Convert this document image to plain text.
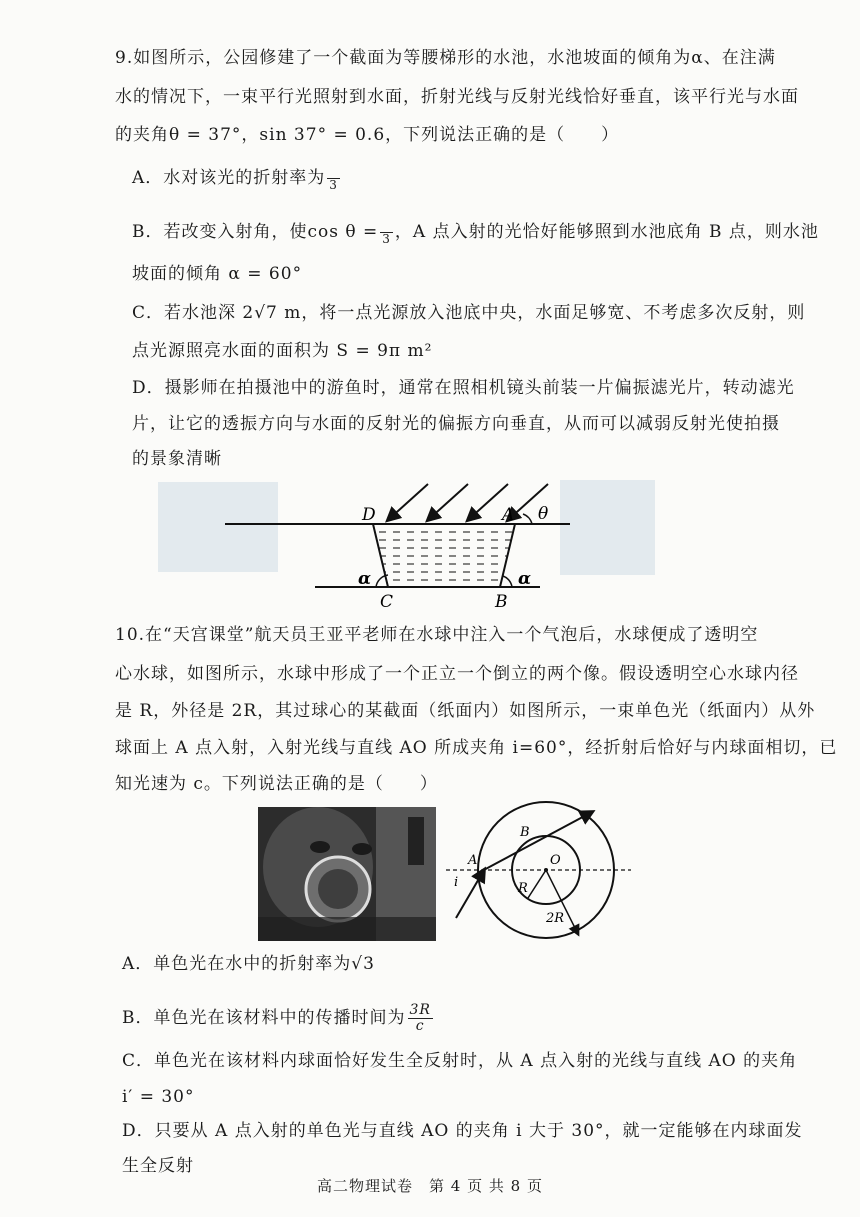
9.如图所示，公园修建了一个截面为等腰梯形的水池，水池坡面的倾角为α、在注满
水的情况下，一束平行光照射到水面，折射光线与反射光线恰好垂直，该平行光与水面
的夹角θ = 37°，sin 37° = 0.6，下列说法正确的是（　　）
A．水对该光的折射率为
3
B．若改变入射角，使cos θ =
3 ，A 点入射的光恰好能够照到水池底角 B 点，则水池
坡面的倾角 α = 60°
C．若水池深 2√7 m，将一点光源放入池底中央，水面足够宽、不考虑多次反射，则
点光源照亮水面的面积为 S = 9π m²
D．摄影师在拍摄池中的游鱼时，通常在照相机镜头前装一片偏振滤光片，转动滤光
片，让它的透振方向与水面的反射光的偏振方向垂直，从而可以减弱反射光使拍摄
的景象清晰
D	A θ
α	α
C	B
10.在“天宫课堂”航天员王亚平老师在水球中注入一个气泡后，水球便成了透明空
心水球，如图所示，水球中形成了一个正立一个倒立的两个像。假设透明空心水球内径
是 R，外径是 2R，其过球心的某截面（纸面内）如图所示，一束单色光（纸面内）从外
球面上 A 点入射，入射光线与直线 AO 所成夹角 i=60°，经折射后恰好与内球面相切，已
知光速为 c。下列说法正确的是（　　）
A
B
O
i	R
2R
A．单色光在水中的折射率为√3
B．单色光在该材料中的传播时间为 $\frac{3R}{c}$
C．单色光在该材料内球面恰好发生全反射时，从 A 点入射的光线与直线 AO 的夹角
i′ = 30°
D．只要从 A 点入射的单色光与直线 AO 的夹角 i 大于 30°，就一定能够在内球面发
生全反射
高二物理试卷　第 4 页 共 8 页
